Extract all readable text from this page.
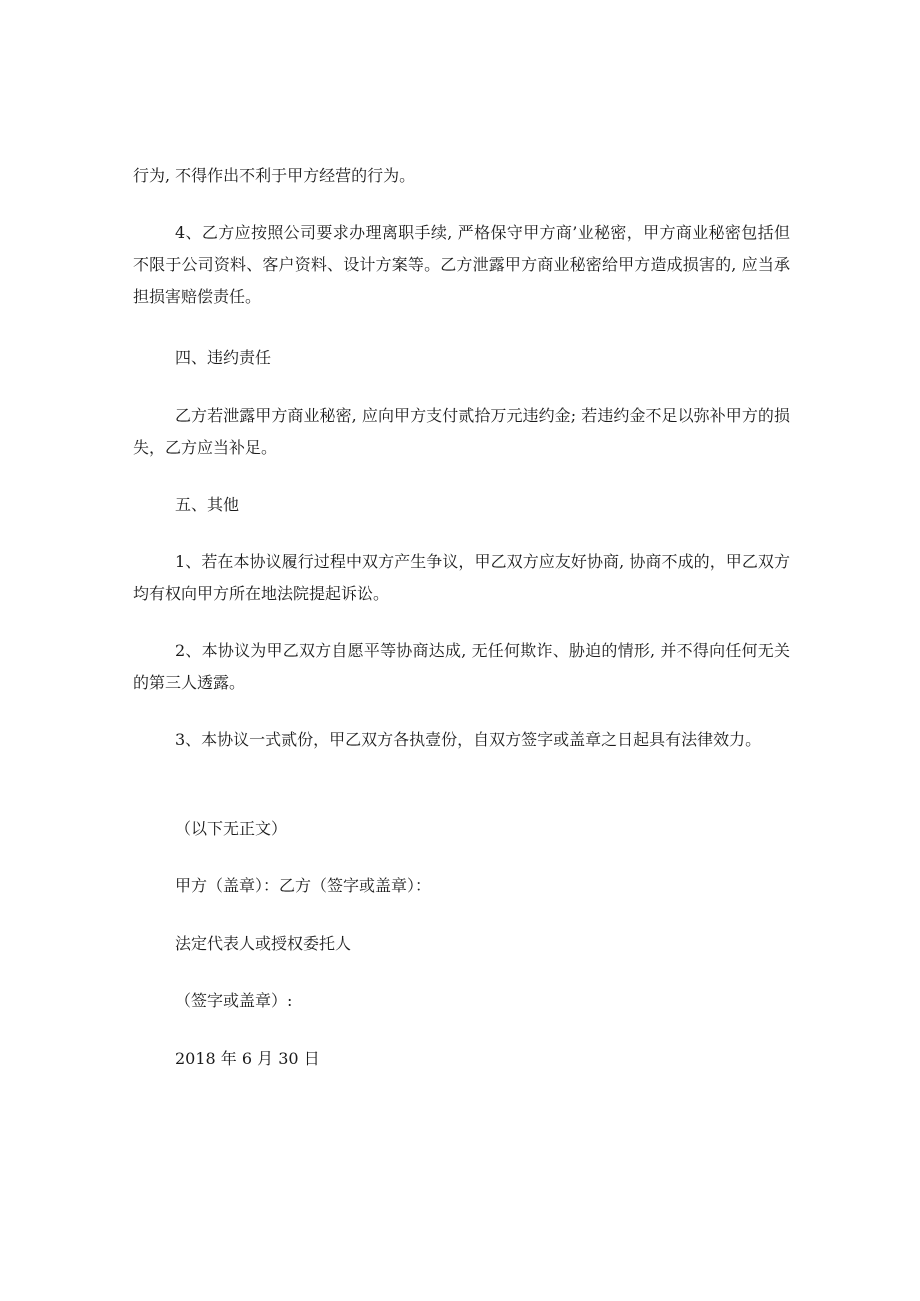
行为, 不得作出不利于甲方经营的行为。

4、乙方应按照公司要求办理离职手续, 严格保守甲方商’业秘密，甲方商业秘密包括但不限于公司资料、客户资料、设计方案等。乙方泄露甲方商业秘密给甲方造成损害的, 应当承担损害赔偿责任。

四、违约责任

乙方若泄露甲方商业秘密, 应向甲方支付贰拾万元违约金; 若违约金不足以弥补甲方的损失，乙方应当补足。

五、其他

1、若在本协议履行过程中双方产生争议，甲乙双方应友好协商, 协商不成的，甲乙双方均有权向甲方所在地法院提起诉讼。

2、本协议为甲乙双方自愿平等协商达成, 无任何欺诈、胁迫的情形, 并不得向任何无关的第三人透露。

3、本协议一式贰份，甲乙双方各执壹份，自双方签字或盖章之日起具有法律效力。

（以下无正文）

甲方（盖章）：乙方（签字或盖章）：

法定代表人或授权委托人

（签字或盖章）:

2018 年 6 月 30 日
